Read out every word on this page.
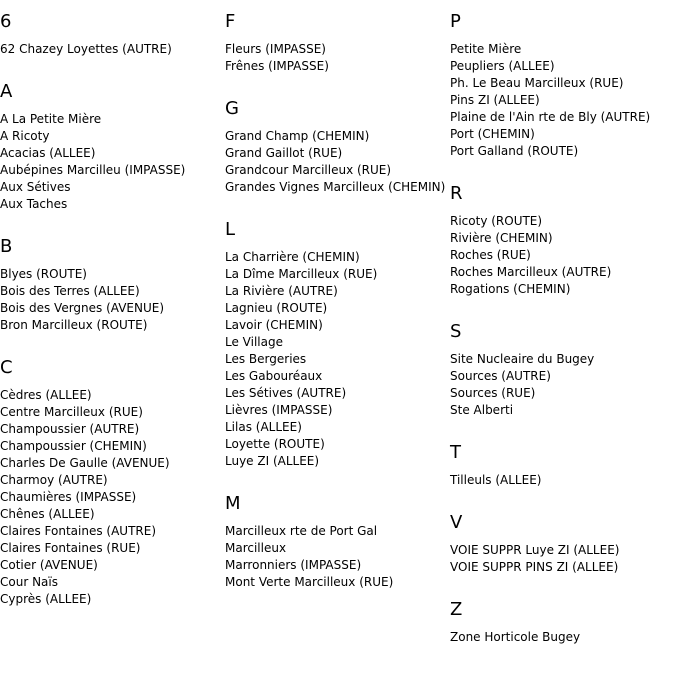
6
62 Chazey Loyettes (AUTRE)
A
A La Petite Mière
A Ricoty
Acacias (ALLEE)
Aubépines Marcilleu (IMPASSE)
Aux Sétives
Aux Taches
B
Blyes (ROUTE)
Bois des Terres (ALLEE)
Bois des Vergnes (AVENUE)
Bron Marcilleux (ROUTE)
C
Cèdres (ALLEE)
Centre Marcilleux (RUE)
Champoussier (AUTRE)
Champoussier (CHEMIN)
Charles De Gaulle (AVENUE)
Charmoy (AUTRE)
Chaumières (IMPASSE)
Chênes (ALLEE)
Claires Fontaines (AUTRE)
Claires Fontaines (RUE)
Cotier (AVENUE)
Cour Naïs
Cyprès (ALLEE)
F
Fleurs (IMPASSE)
Frênes (IMPASSE)
G
Grand Champ (CHEMIN)
Grand Gaillot (RUE)
Grandcour Marcilleux (RUE)
Grandes Vignes Marcilleux (CHEMIN)
L
La Charrière (CHEMIN)
La Dîme Marcilleux (RUE)
La Rivière (AUTRE)
Lagnieu (ROUTE)
Lavoir (CHEMIN)
Le Village
Les Bergeries
Les Gabouréaux
Les Sétives (AUTRE)
Lièvres (IMPASSE)
Lilas (ALLEE)
Loyette (ROUTE)
Luye ZI (ALLEE)
M
Marcilleux rte de Port Gal
Marcilleux
Marronniers (IMPASSE)
Mont Verte Marcilleux (RUE)
P
Petite Mière
Peupliers (ALLEE)
Ph. Le Beau Marcilleux (RUE)
Pins ZI (ALLEE)
Plaine de l'Ain rte de Bly (AUTRE)
Port (CHEMIN)
Port Galland (ROUTE)
R
Ricoty (ROUTE)
Rivière (CHEMIN)
Roches (RUE)
Roches Marcilleux (AUTRE)
Rogations (CHEMIN)
S
Site Nucleaire du Bugey
Sources (AUTRE)
Sources (RUE)
Ste Alberti
T
Tilleuls (ALLEE)
V
VOIE SUPPR Luye ZI (ALLEE)
VOIE SUPPR PINS ZI (ALLEE)
Z
Zone Horticole Bugey
